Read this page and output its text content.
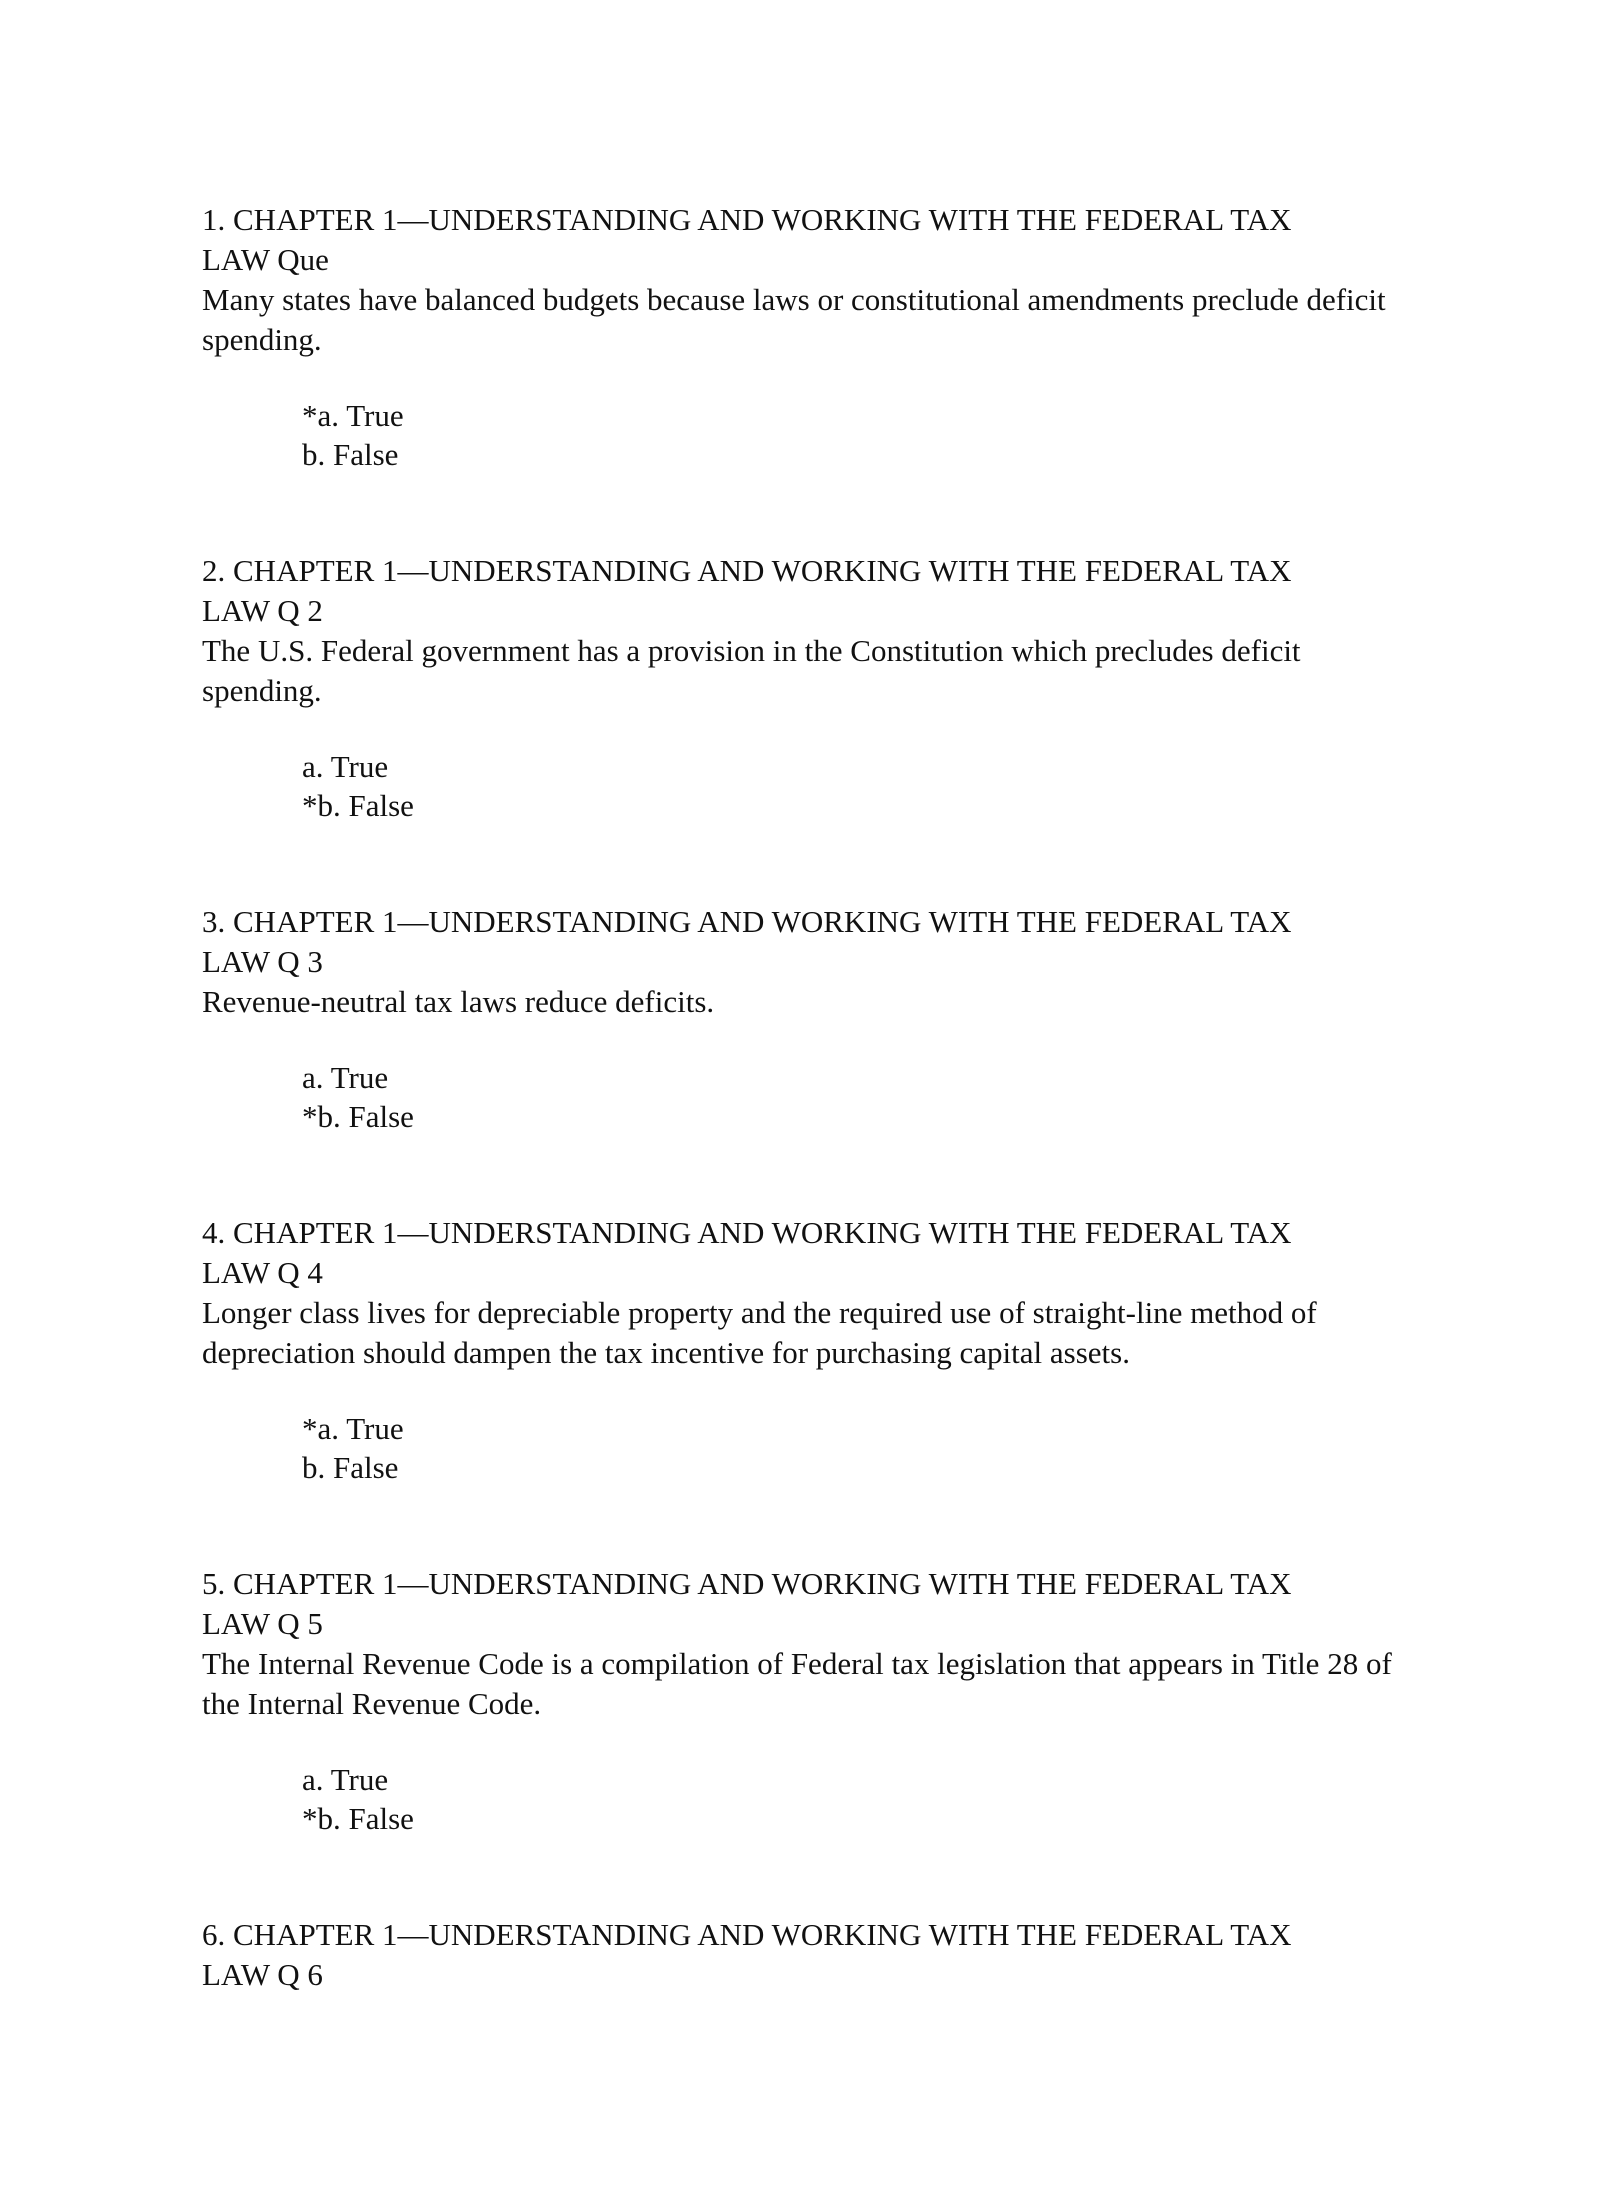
1. CHAPTER 1—UNDERSTANDING AND WORKING WITH THE FEDERAL TAX
LAW Que

Many states have balanced budgets because laws or constitutional amendments preclude deficit spending.

*a. True
b. False

2. CHAPTER 1—UNDERSTANDING AND WORKING WITH THE FEDERAL TAX
LAW Q 2

The U.S. Federal government has a provision in the Constitution which precludes deficit spending.

a. True
*b. False

3. CHAPTER 1—UNDERSTANDING AND WORKING WITH THE FEDERAL TAX
LAW Q 3

Revenue-neutral tax laws reduce deficits.

a. True
*b. False

4. CHAPTER 1—UNDERSTANDING AND WORKING WITH THE FEDERAL TAX
LAW Q 4

Longer class lives for depreciable property and the required use of straight-line method of depreciation should dampen the tax incentive for purchasing capital assets.

*a. True
b. False

5. CHAPTER 1—UNDERSTANDING AND WORKING WITH THE FEDERAL TAX
LAW Q 5

The Internal Revenue Code is a compilation of Federal tax legislation that appears in Title 28 of the Internal Revenue Code.

a. True
*b. False

6. CHAPTER 1—UNDERSTANDING AND WORKING WITH THE FEDERAL TAX
LAW Q 6
